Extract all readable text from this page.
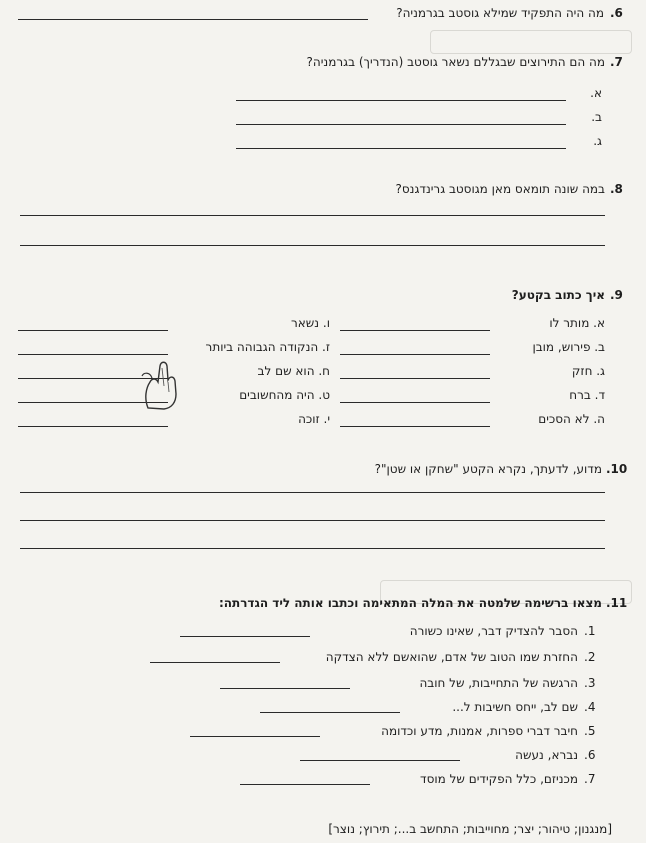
.6
מה היה התפקיד שמילא גוסטב בגרמניה?
.7
מה הם התירוצים שבגללם נשאר גוסטב (הנדריך) בגרמניה?
א.
ב.
ג.
.8
במה שונה תומאס מאן מגוסטב גרינדגנס?
.9
איך כתוב בקטע?
א. מותר לו
ב. פירוש, מובן
ג. חזק
ד. ברח
ה. לא הסכים
ו. נשאר
ז. הנקודה הגבוהה ביותר
ח. הוא שם לב
ט. היה מהחשובים
י. זוכה
.10
מדוע, לדעתך, נקרא הקטע "שחקן או שטן"?
.11
מצאו ברשימה שלמטה את המלה המתאימה וכתבו אותה ליד הגדרתה:
.1
הסבר להצדיק דבר, שאינו כשורה
.2
החזרת שמו הטוב של אדם, שהואשם ללא הצדקה
.3
הרגשה של התחייבות, של חובה
.4
שם לב, ייחס חשיבות ל...
.5
חיבר דברי ספרות, אמנות, מדע וכדומה
.6
נברא, נעשה
.7
מכניזם, כלל הפקידים של מוסד
[מנגנון; טיהור; יצר; מחוייבות; התחשב ב...; תירוץ; נוצר]
